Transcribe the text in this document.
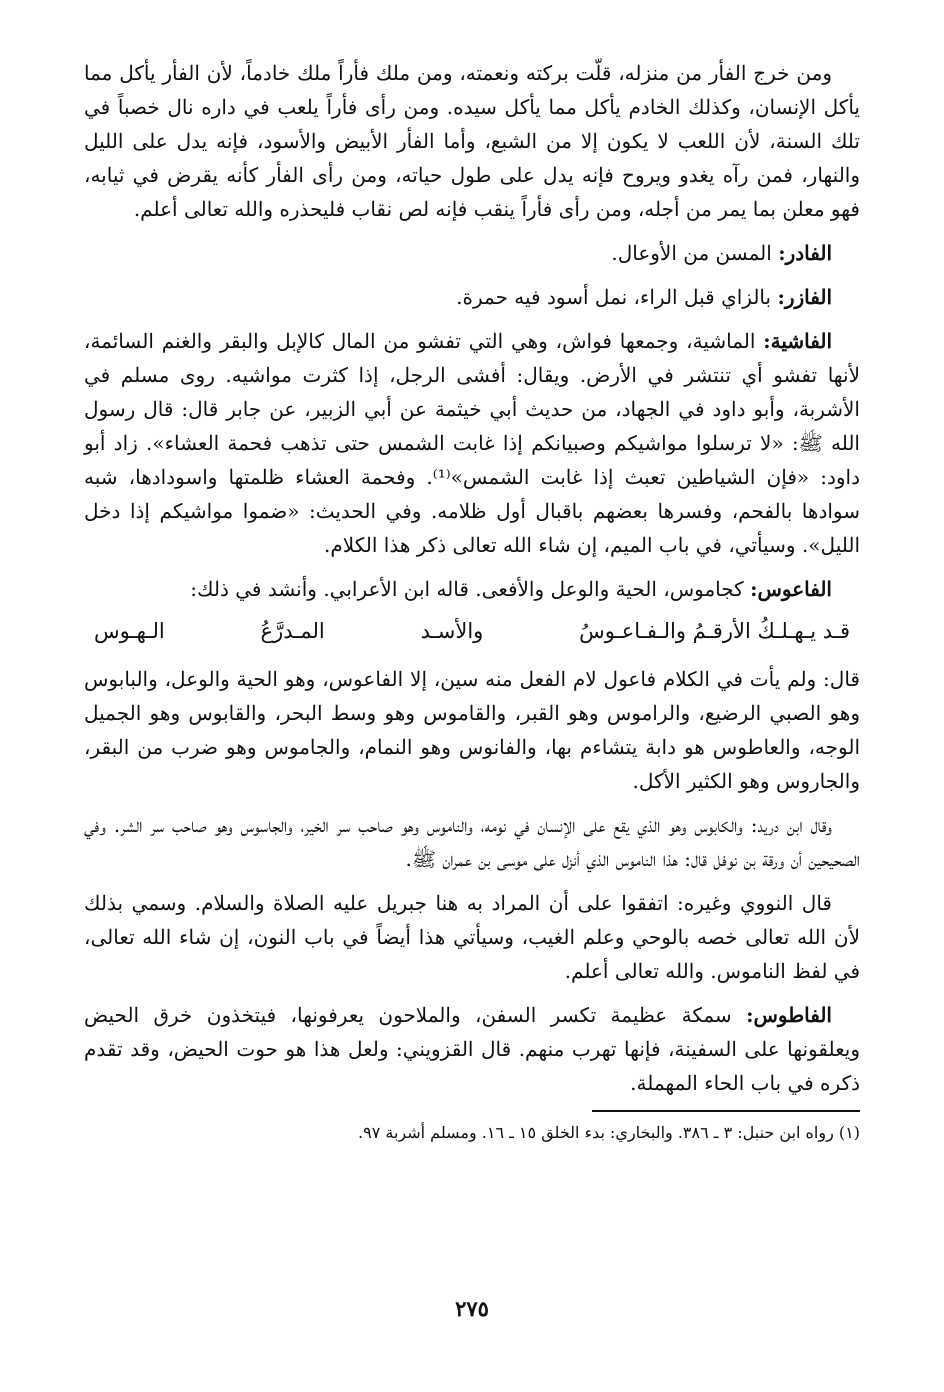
ومن خرج الفأر من منزله، قلّت بركته ونعمته، ومن ملك فأراً ملك خادماً، لأن الفأر يأكل مما يأكل الإنسان، وكذلك الخادم يأكل مما يأكل سيده. ومن رأى فأراً يلعب في داره نال خصباً في تلك السنة، لأن اللعب لا يكون إلا من الشبع، وأما الفأر الأبيض والأسود، فإنه يدل على الليل والنهار، فمن رآه يغدو ويروح فإنه يدل على طول حياته، ومن رأى الفأر كأنه يقرض في ثيابه، فهو معلن بما يمر من أجله، ومن رأى فأراً ينقب فإنه لص نقاب فليحذره والله تعالى أعلم.

الفادر: المسن من الأوعال.

الفازر: بالزاي قبل الراء، نمل أسود فيه حمرة.

الفاشية: الماشية، وجمعها فواش، وهي التي تفشو من المال كالإبل والبقر والغنم السائمة، لأنها تفشو أي تنتشر في الأرض. ويقال: أفشى الرجل، إذا كثرت مواشيه. روى مسلم في الأشربة، وأبو داود في الجهاد، من حديث أبي خيثمة عن أبي الزبير، عن جابر قال: قال رسول الله ﷺ: «لا ترسلوا مواشيكم وصبيانكم إذا غابت الشمس حتى تذهب فحمة العشاء». زاد أبو داود: «فإن الشياطين تعبث إذا غابت الشمس»⁽¹⁾. وفحمة العشاء ظلمتها واسودادها، شبه سوادها بالفحم، وفسرها بعضهم باقبال أول ظلامه. وفي الحديث: «ضموا مواشيكم إذا دخل الليل». وسيأتي، في باب الميم، إن شاء الله تعالى ذكر هذا الكلام.

الفاعوس: كجاموس، الحية والوعل والأفعى. قاله ابن الأعرابي. وأنشد في ذلك:

قـد يـهـلـكُ الأرقـمُ والـفـاعـوسُ
والأسـد
المـدرَّعُ
الـهـوس

قال: ولم يأت في الكلام فاعول لام الفعل منه سين، إلا الفاعوس، وهو الحية والوعل، والبابوس وهو الصبي الرضيع، والراموس وهو القبر، والقاموس وهو وسط البحر، والقابوس وهو الجميل الوجه، والعاطوس هو دابة يتشاءم بها، والفانوس وهو النمام، والجاموس وهو ضرب من البقر، والجاروس وهو الكثير الأكل.

وقال ابن دريد: والكابوس وهو الذي يقع على الإنسان في نومه، والناموس وهو صاحب سر الخير، والجاسوس وهو صاحب سر الشر. وفي الصحيحين أن ورقة بن نوفل قال: هذا الناموس الذي أنزل على موسى بن عمران ﷺ.

قال النووي وغيره: اتفقوا على أن المراد به هنا جبريل عليه الصلاة والسلام. وسمي بذلك لأن الله تعالى خصه بالوحي وعلم الغيب، وسيأتي هذا أيضاً في باب النون، إن شاء الله تعالى، في لفظ الناموس. والله تعالى أعلم.

الفاطوس: سمكة عظيمة تكسر السفن، والملاحون يعرفونها، فيتخذون خرق الحيض ويعلقونها على السفينة، فإنها تهرب منهم. قال القزويني: ولعل هذا هو حوت الحيض، وقد تقدم ذكره في باب الحاء المهملة.

(١) رواه ابن حنبل: ٣ ـ ٣٨٦. والبخاري: بدء الخلق ١٥ ـ ١٦. ومسلم أشربة ٩٧.

٢٧٥
